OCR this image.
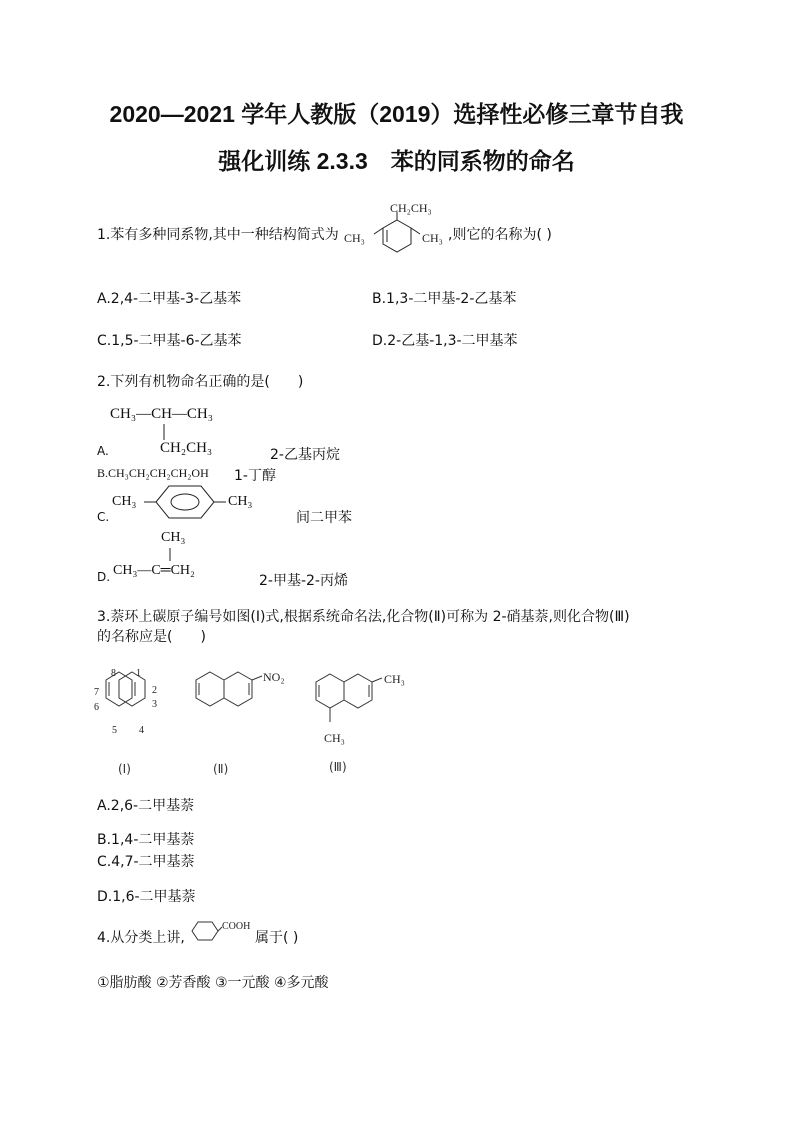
2020—2021 学年人教版（2019）选择性必修三章节自我
强化训练 2.3.3　苯的同系物的命名
1.苯有多种同系物,其中一种结构简式为
CH₂CH₃
CH₃	CH₃ ,则它的名称为( )
A.2,4-二甲基-3-乙基苯	B.1,3-二甲基-2-乙基苯
C.1,5-二甲基-6-乙基苯	D.2-乙基-1,3-二甲基苯
2.下列有机物命名正确的是(　　)
CH₃—CH—CH₃
CH₂CH₃
A.	2-乙基丙烷
B.CH₃CH₂CH₂CH₂OH 1-丁醇
C.
CH₃	CH₃
间二甲苯
CH₃
CH₃—C═CH₂
D.	2-甲基-2-丙烯
3.萘环上碳原子编号如图(Ⅰ)式,根据系统命名法,化合物(Ⅱ)可称为 2-硝基萘,则化合物(Ⅲ)
的名称应是(　　)
1
2
3
4
5
6
7
8
(Ⅰ)
NO₂
(Ⅱ)
CH₃
CH₃
(Ⅲ)
A.2,6-二甲基萘
B.1,4-二甲基萘
C.4,7-二甲基萘
D.1,6-二甲基萘
4.从分类上讲,
COOH
属于( )
①脂肪酸 ②芳香酸 ③一元酸 ④多元酸
